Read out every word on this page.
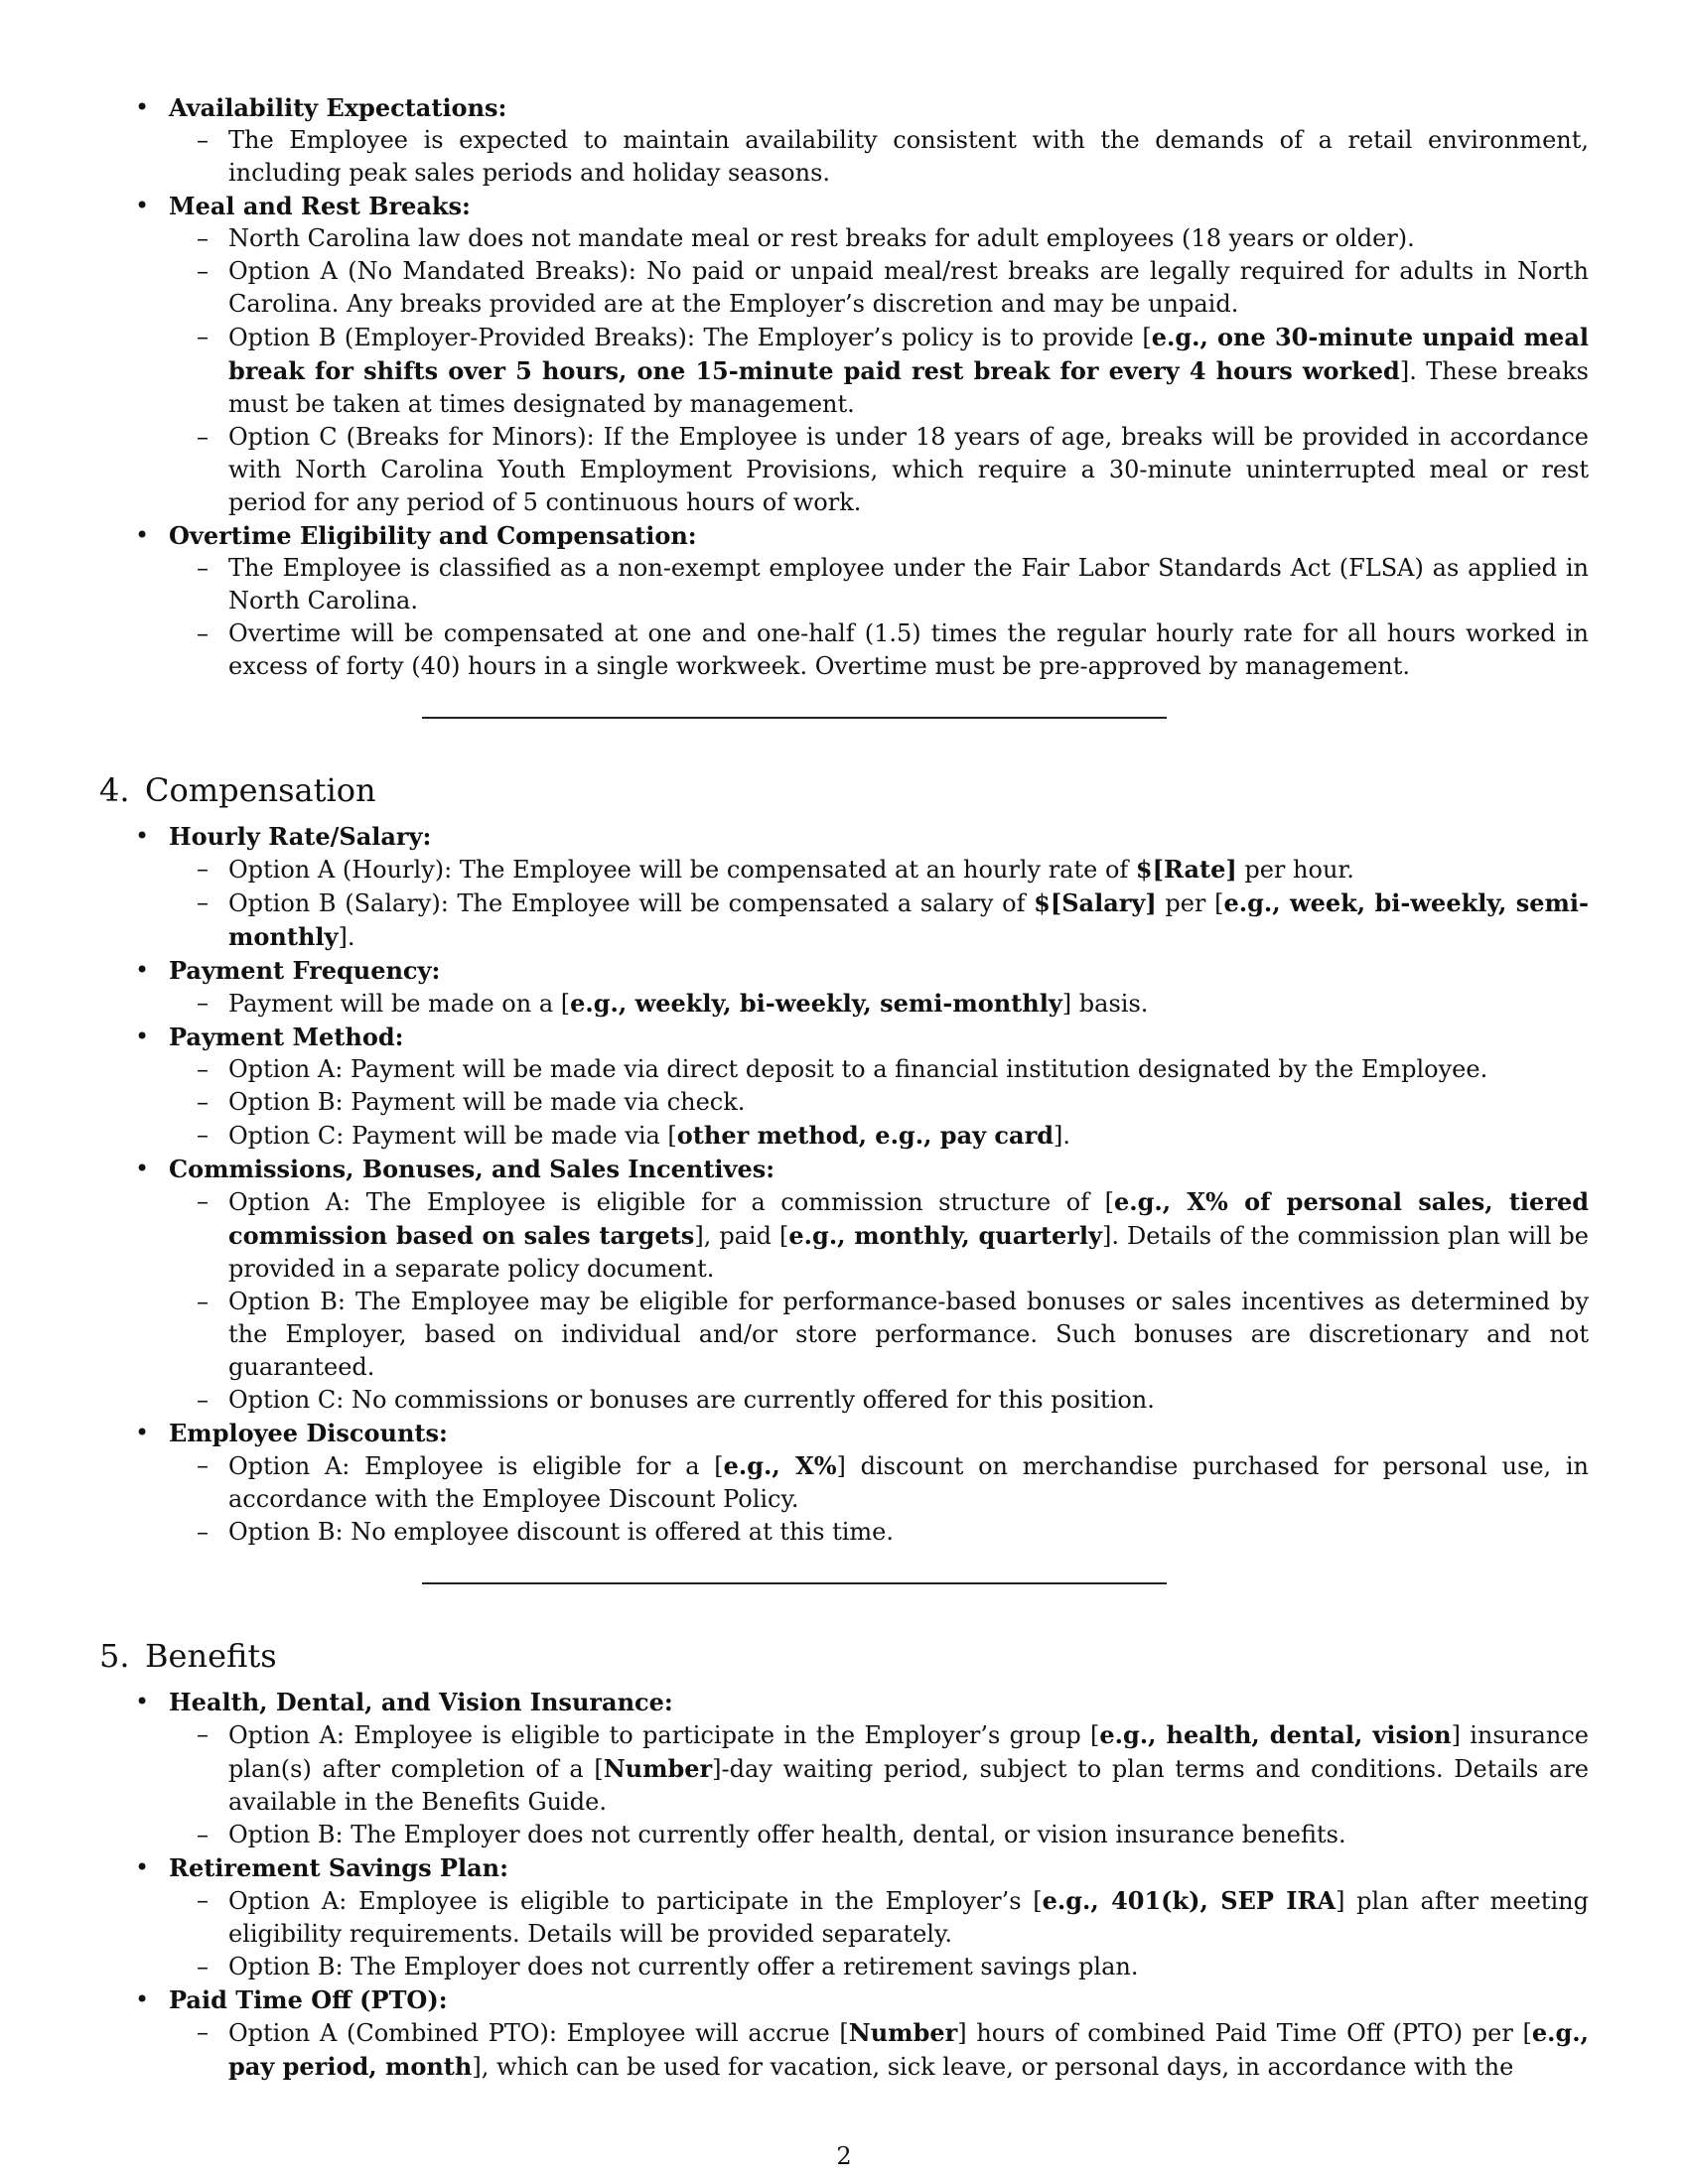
• Availability Expectations:
– The Employee is expected to maintain availability consistent with the demands of a retail environment, including peak sales periods and holiday seasons.
• Meal and Rest Breaks:
– North Carolina law does not mandate meal or rest breaks for adult employees (18 years or older).
– Option A (No Mandated Breaks): No paid or unpaid meal/rest breaks are legally required for adults in North Carolina. Any breaks provided are at the Employer’s discretion and may be unpaid.
– Option B (Employer-Provided Breaks): The Employer’s policy is to provide [e.g., one 30-minute unpaid meal break for shifts over 5 hours, one 15-minute paid rest break for every 4 hours worked]. These breaks must be taken at times designated by management.
– Option C (Breaks for Minors): If the Employee is under 18 years of age, breaks will be provided in accordance with North Carolina Youth Employment Provisions, which require a 30-minute uninterrupted meal or rest period for any period of 5 continuous hours of work.
• Overtime Eligibility and Compensation:
– The Employee is classified as a non-exempt employee under the Fair Labor Standards Act (FLSA) as applied in North Carolina.
– Overtime will be compensated at one and one-half (1.5) times the regular hourly rate for all hours worked in excess of forty (40) hours in a single workweek. Overtime must be pre-approved by management.
4. Compensation
• Hourly Rate/Salary:
– Option A (Hourly): The Employee will be compensated at an hourly rate of $[Rate] per hour.
– Option B (Salary): The Employee will be compensated a salary of $[Salary] per [e.g., week, bi-weekly, semi-monthly].
• Payment Frequency:
– Payment will be made on a [e.g., weekly, bi-weekly, semi-monthly] basis.
• Payment Method:
– Option A: Payment will be made via direct deposit to a financial institution designated by the Employee.
– Option B: Payment will be made via check.
– Option C: Payment will be made via [other method, e.g., pay card].
• Commissions, Bonuses, and Sales Incentives:
– Option A: The Employee is eligible for a commission structure of [e.g., X% of personal sales, tiered commission based on sales targets], paid [e.g., monthly, quarterly]. Details of the commission plan will be provided in a separate policy document.
– Option B: The Employee may be eligible for performance-based bonuses or sales incentives as determined by the Employer, based on individual and/or store performance. Such bonuses are discretionary and not guaranteed.
– Option C: No commissions or bonuses are currently offered for this position.
• Employee Discounts:
– Option A: Employee is eligible for a [e.g., X%] discount on merchandise purchased for personal use, in accordance with the Employee Discount Policy.
– Option B: No employee discount is offered at this time.
5. Benefits
• Health, Dental, and Vision Insurance:
– Option A: Employee is eligible to participate in the Employer’s group [e.g., health, dental, vision] insurance plan(s) after completion of a [Number]-day waiting period, subject to plan terms and conditions. Details are available in the Benefits Guide.
– Option B: The Employer does not currently offer health, dental, or vision insurance benefits.
• Retirement Savings Plan:
– Option A: Employee is eligible to participate in the Employer’s [e.g., 401(k), SEP IRA] plan after meeting eligibility requirements. Details will be provided separately.
– Option B: The Employer does not currently offer a retirement savings plan.
• Paid Time Off (PTO):
– Option A (Combined PTO): Employee will accrue [Number] hours of combined Paid Time Off (PTO) per [e.g., pay period, month], which can be used for vacation, sick leave, or personal days, in accordance with the
2
